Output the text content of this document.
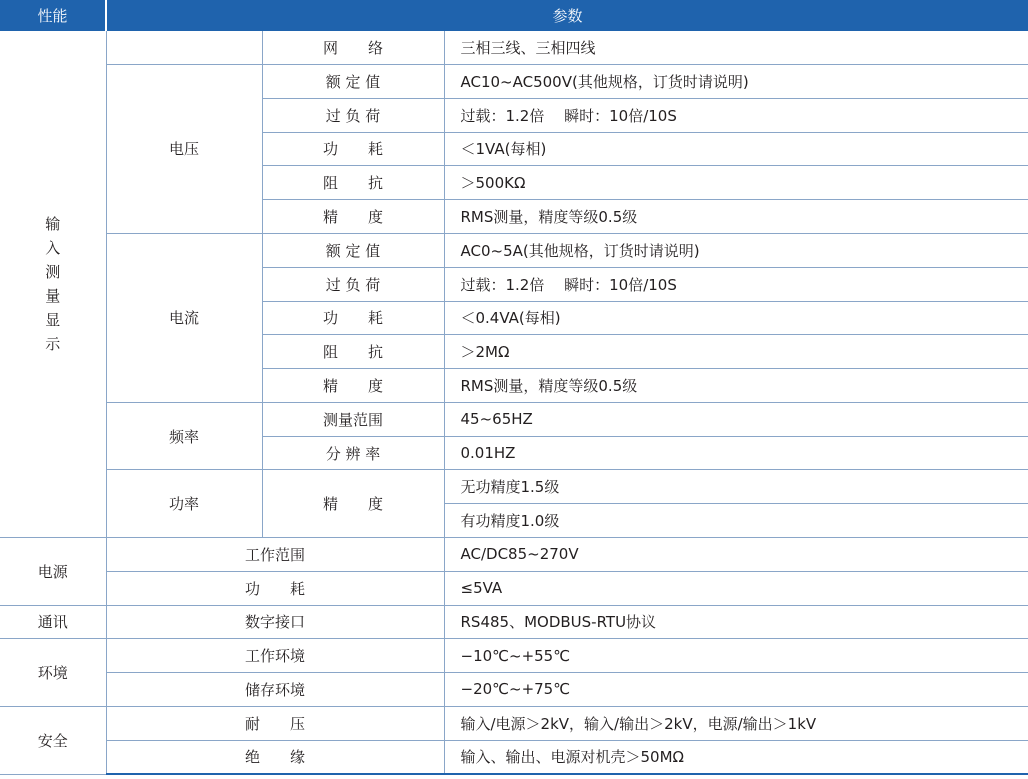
性能	参数		
输入测量显示		网　　络	三相三线、三相四线
	电压	额 定 值	AC10~AC500V(其他规格，订货时请说明)
		过 负 荷	过载：1.2倍　 瞬时：10倍/10S
		功　　耗	＜1VA(每相)
		阻　　抗	＞500KΩ
		精　　度	RMS测量，精度等级0.5级
	电流	额 定 值	AC0~5A(其他规格，订货时请说明)
		过 负 荷	过载：1.2倍　 瞬时：10倍/10S
		功　　耗	＜0.4VA(每相)
		阻　　抗	＞2MΩ
		精　　度	RMS测量，精度等级0.5级
	频率	测量范围	45~65HZ
		分 辨 率	0.01HZ
	功率	精　　度	无功精度1.5级
			有功精度1.0级
电源	工作范围		AC/DC85~270V
	功　　耗		≤5VA
通讯	数字接口		RS485、MODBUS-RTU协议
环境	工作环境		−10℃~+55℃
	储存环境		−20℃~+75℃
安全	耐　　压		输入/电源＞2kV，输入/输出＞2kV，电源/输出＞1kV
	绝　　缘		输入、输出、电源对机壳＞50MΩ
